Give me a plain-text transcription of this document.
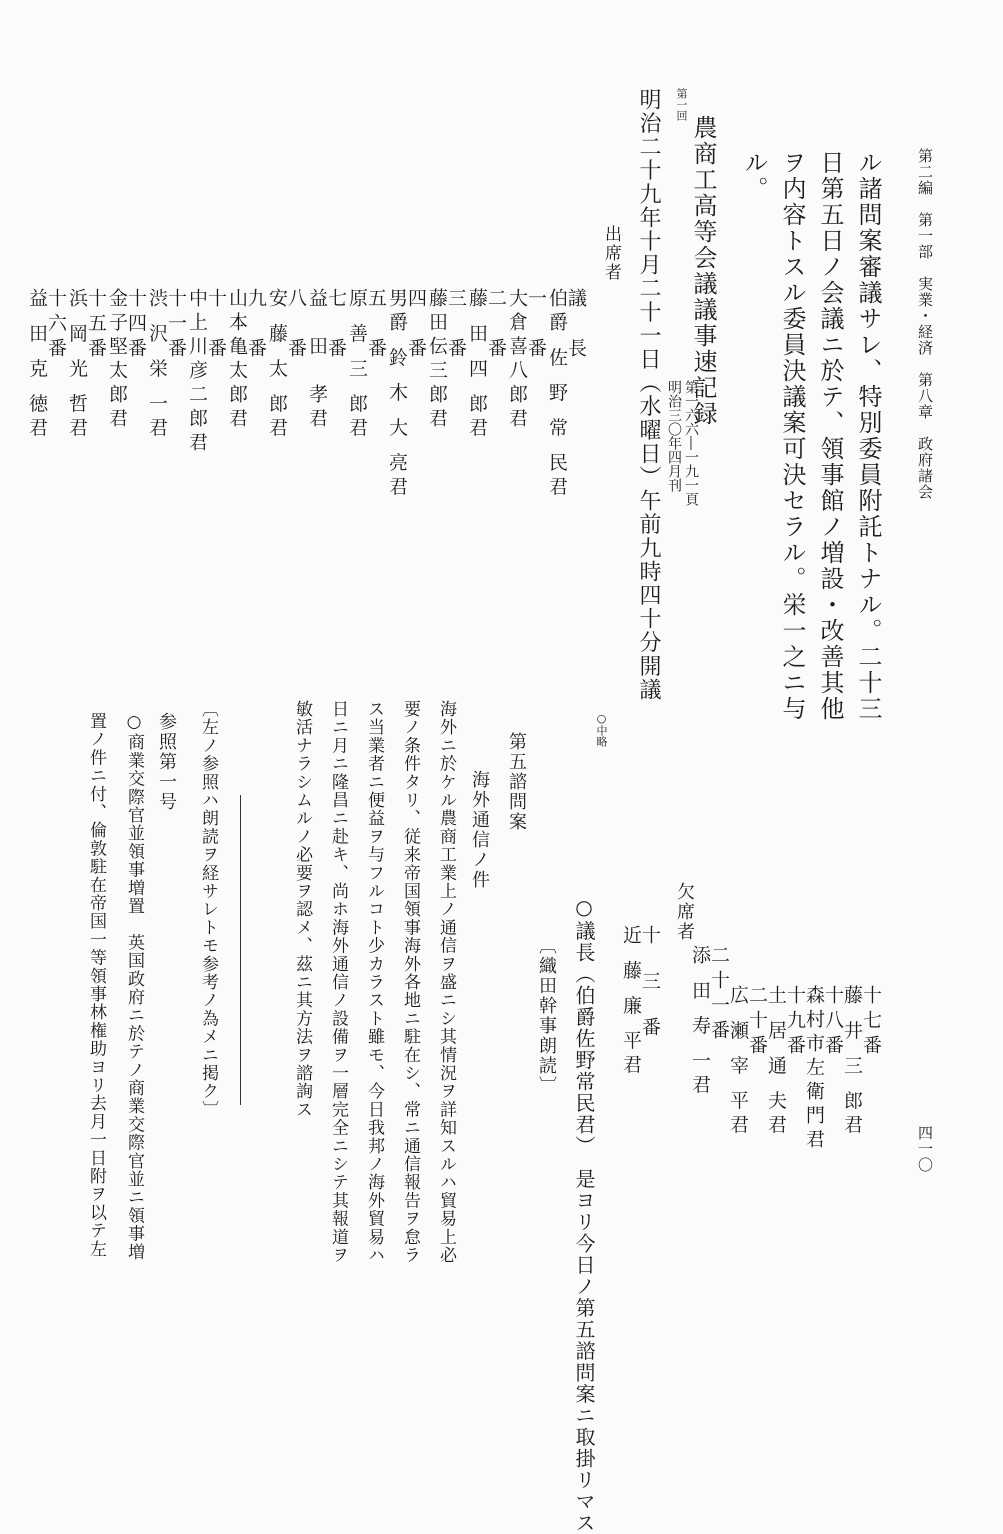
第二編　第一部　実業・経済　第八章　政府諸会
四一〇
ル諸問案審議サレ、特別委員附託トナル。二十三
日第五日ノ会議ニ於テ、領事館ノ増設・改善其他
ヲ内容トスル委員決議案可決セラル。栄一之ニ与
ル。
第一回
農商工高等会議議事速記録
第一六六―一九一頁
明治三〇年四月刊
明治二十九年十月二十一日（水曜日）午前九時四十分開議
出席者
議　長
伯爵 佐 野 常 民君
一　番
大倉喜八郎君
二　番
藤 田 四 郎君
三　番
藤田伝三郎君
四　番
男爵 鈴 木 大 亮君
五　番
原 善 三 郎君
七　番
益　田　孝君
八　番
安 藤 太 郎君
九　番
山本亀太郎君
十　番
中上川彦二郎君
十一番
渋 沢 栄 一君
十四番
金子堅太郎君
十五番
浜 岡 光 哲君
十六番
益 田 克 徳君
十七番
藤 井 三 郎君
十八番
森村市左衛門君
十九番
土 居 通 夫君
二十番
広 瀬 宰 平君
二十一番
添 田 寿 一君
欠席者
十　三　番
近 藤 廉 平君
○中略
○議長（伯爵佐野常民君）　是ヨリ今日ノ第五諮問案ニ取掛リマス
〔織田幹事朗読〕
第五諮問案
海外通信ノ件
海外ニ於ケル農商工業上ノ通信ヲ盛ニシ其情況ヲ詳知スルハ貿易上必
要ノ条件タリ、従来帝国領事海外各地ニ駐在シ、常ニ通信報告ヲ怠ラ
ス当業者ニ便益ヲ与フルコト少カラスト雖モ、今日我邦ノ海外貿易ハ
日ニ月ニ隆昌ニ赴キ、尚ホ海外通信ノ設備ヲ一層完全ニシテ其報道ヲ
敏活ナラシムルノ必要ヲ認メ、茲ニ其方法ヲ諮詢ス
〔左ノ参照ハ朗読ヲ経サレトモ参考ノ為メニ掲ク〕
参照第一号
○商業交際官並領事増置　英国政府ニ於テノ商業交際官並ニ領事増
置ノ件ニ付、倫敦駐在帝国一等領事林権助ヨリ去月一日附ヲ以テ左
